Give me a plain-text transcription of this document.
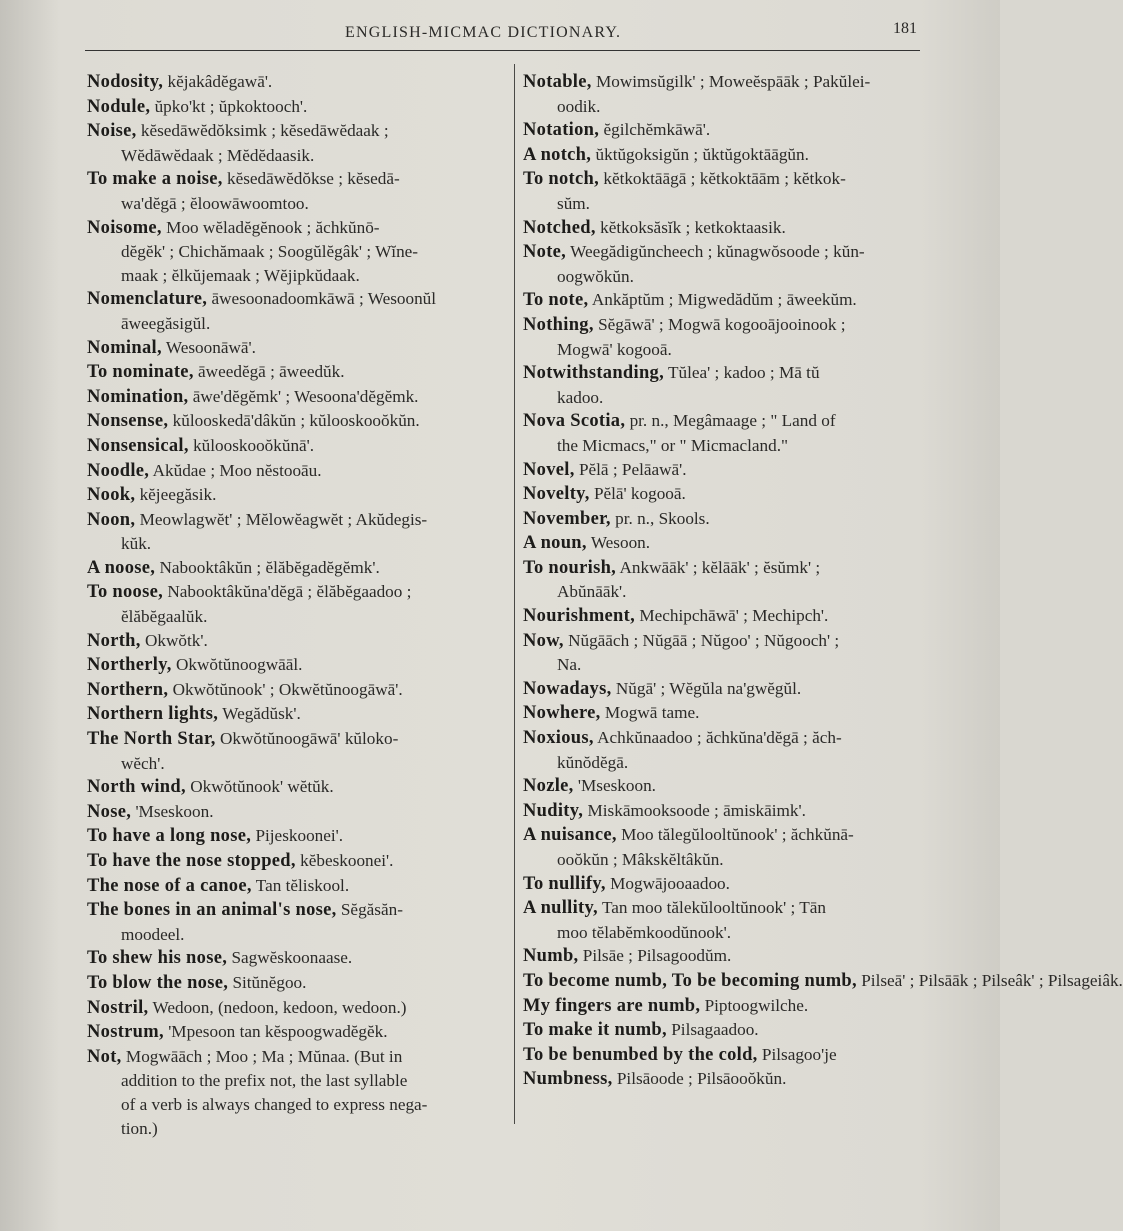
ENGLISH-MICMAC DICTIONARY.	181
Nodosity, kĕjakâdĕgawā'.
Nodule, ŭpko'kt ; ŭpkoktooch'.
Noise, kĕsedāwĕdŏksimk ; kĕsedāwĕdaak ;
Wĕdāwĕdaak ; Mĕdĕdaasik.
To make a noise, kĕsedāwĕdŏkse ; kĕsedā-
wa'dĕgā ; ĕloowāwoomtoo.
Noisome, Moo wĕladĕgĕnook ; ăchkŭnō-
dĕgĕk' ; Chichămaak ; Soogŭlĕgâk' ; Wĭne-
maak ; ĕlkŭjemaak ; Wĕjipkŭdaak.
Nomenclature, āwesoonadoomkāwā ; Wesoonŭl
āweegăsigŭl.
Nominal, Wesoonāwā'.
To nominate, āweedĕgā ; āweedŭk.
Nomination, āwe'dĕgĕmk' ; Wesoona'dĕgĕmk.
Nonsense, kŭlooskedā'dâkŭn ; kŭlooskooŏkŭn.
Nonsensical, kŭlooskooŏkŭnā'.
Noodle, Akŭdae ; Moo nĕstooāu.
Nook, kĕjeegăsik.
Noon, Meowlagwĕt' ; Mĕlowĕagwĕt ; Akŭdegis-
kŭk.
A noose, Nabooktâkŭn ; ĕlăbĕgadĕgĕmk'.
To noose, Nabooktâkŭna'dĕgā ; ĕlăbĕgaadoo ;
ĕlăbĕgaalŭk.
North, Okwŏtk'.
Northerly, Okwŏtŭnoogwāāl.
Northern, Okwŏtŭnook' ; Okwĕtŭnoogāwā'.
Northern lights, Wegădŭsk'.
The North Star, Okwŏtŭnoogāwā' kŭloko-
wĕch'.
North wind, Okwŏtŭnook' wĕtŭk.
Nose, 'Mseskoon.
To have a long nose, Pijeskoonei'.
To have the nose stopped, kĕbeskoonei'.
The nose of a canoe, Tan tĕliskool.
The bones in an animal's nose, Sĕgăsăn-
moodeel.
To shew his nose, Sagwĕskoonaase.
To blow the nose, Sitŭnĕgoo.
Nostril, Wedoon, (nedoon, kedoon, wedoon.)
Nostrum, 'Mpesoon tan kĕspoogwadĕgĕk.
Not, Mogwāāch ; Moo ; Ma ; Mŭnaa. (But in
addition to the prefix not, the last syllable
of a verb is always changed to express nega-
tion.)
Notable, Mowimsŭgilk' ; Moweĕspāāk ; Pakŭlei-
oodik.
Notation, ĕgilchĕmkāwā'.
A notch, ŭktŭgoksigŭn ; ŭktŭgoktāāgŭn.
To notch, kĕtkoktāāgā ; kĕtkoktāām ; kĕtkok-
sŭm.
Notched, kĕtkoksăsĭk ; ketkoktaasik.
Note, Weegădigŭncheech ; kŭnagwŏsoode ; kŭn-
oogwŏkŭn.
To note, Ankăptŭm ; Migwedădŭm ; āweekŭm.
Nothing, Sĕgāwā' ; Mogwā kogooājooinook ;
Mogwā' kogooā.
Notwithstanding, Tŭlea' ; kadoo ; Mā tŭ
kadoo.
Nova Scotia, pr. n., Megâmaage ; " Land of
the Micmacs," or " Micmacland."
Novel, Pĕlā ; Pelāawā'.
Novelty, Pĕlā' kogooā.
November, pr. n., Skools.
A noun, Wesoon.
To nourish, Ankwāāk' ; kĕlāāk' ; ĕsŭmk' ;
Abŭnāāk'.
Nourishment, Mechipchāwā' ; Mechipch'.
Now, Nŭgāāch ; Nŭgāā ; Nŭgoo' ; Nŭgooch' ;
Na.
Nowadays, Nŭgā' ; Wĕgŭla na'gwĕgŭl.
Nowhere, Mogwā tame.
Noxious, Achkŭnaadoo ; ăchkŭna'dĕgā ; ăch-
kŭnŏdĕgā.
Nozle, 'Mseskoon.
Nudity, Miskāmooksoode ; āmiskāimk'.
A nuisance, Moo tălegŭlooltŭnook' ; ăchkŭnā-
ooŏkŭn ; Mâkskĕltâkŭn.
To nullify, Mogwājooaadoo.
A nullity, Tan moo tălekŭlooltŭnook' ; Tān
moo tĕlabĕmkoodŭnook'.
Numb, Pilsāe ; Pilsagoodŭm.
To become numb, To be becoming numb, Pilseā' ; Pilsāāk ; Pilseâk' ; Pilsageiâk.
My fingers are numb, Piptoogwilche.
To make it numb, Pilsagaadoo.
To be benumbed by the cold, Pilsagoo'je
Numbness, Pilsāoode ; Pilsāooŏkŭn.
